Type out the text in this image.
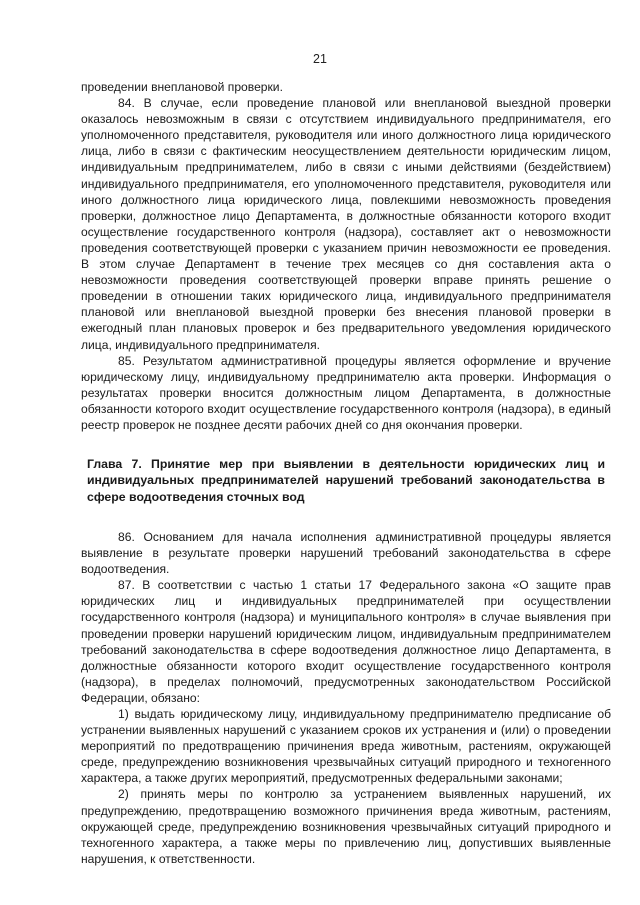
21

проведении внеплановой проверки.

84. В случае, если проведение плановой или внеплановой выездной проверки оказалось невозможным в связи с отсутствием индивидуального предпринимателя, его уполномоченного представителя, руководителя или иного должностного лица юридического лица, либо в связи с фактическим неосуществлением деятельности юридическим лицом, индивидуальным предпринимателем, либо в связи с иными действиями (бездействием) индивидуального предпринимателя, его уполномоченного представителя, руководителя или иного должностного лица юридического лица, повлекшими невозможность проведения проверки, должностное лицо Департамента, в должностные обязанности которого входит осуществление государственного контроля (надзора), составляет акт о невозможности проведения соответствующей проверки с указанием причин невозможности ее проведения. В этом случае Департамент в течение трех месяцев со дня составления акта о невозможности проведения соответствующей проверки вправе принять решение о проведении в отношении таких юридического лица, индивидуального предпринимателя плановой или внеплановой выездной проверки без внесения плановой проверки в ежегодный план плановых проверок и без предварительного уведомления юридического лица, индивидуального предпринимателя.

85. Результатом административной процедуры является оформление и вручение юридическому лицу, индивидуальному предпринимателю акта проверки. Информация о результатах проверки вносится должностным лицом Департамента, в должностные обязанности которого входит осуществление государственного контроля (надзора), в единый реестр проверок не позднее десяти рабочих дней со дня окончания проверки.

Глава 7. Принятие мер при выявлении в деятельности юридических лиц и индивидуальных предпринимателей нарушений требований законодательства в сфере водоотведения сточных вод

86. Основанием для начала исполнения административной процедуры является выявление в результате проверки нарушений требований законодательства в сфере водоотведения.

87. В соответствии с частью 1 статьи 17 Федерального закона «О защите прав юридических лиц и индивидуальных предпринимателей при осуществлении государственного контроля (надзора) и муниципального контроля» в случае выявления при проведении проверки нарушений юридическим лицом, индивидуальным предпринимателем требований законодательства в сфере водоотведения должностное лицо Департамента, в должностные обязанности которого входит осуществление государственного контроля (надзора), в пределах полномочий, предусмотренных законодательством Российской Федерации, обязано:

1) выдать юридическому лицу, индивидуальному предпринимателю предписание об устранении выявленных нарушений с указанием сроков их устранения и (или) о проведении мероприятий по предотвращению причинения вреда животным, растениям, окружающей среде, предупреждению возникновения чрезвычайных ситуаций природного и техногенного характера, а также других мероприятий, предусмотренных федеральными законами;

2) принять меры по контролю за устранением выявленных нарушений, их предупреждению, предотвращению возможного причинения вреда животным, растениям, окружающей среде, предупреждению возникновения чрезвычайных ситуаций природного и техногенного характера, а также меры по привлечению лиц, допустивших выявленные нарушения, к ответственности.
